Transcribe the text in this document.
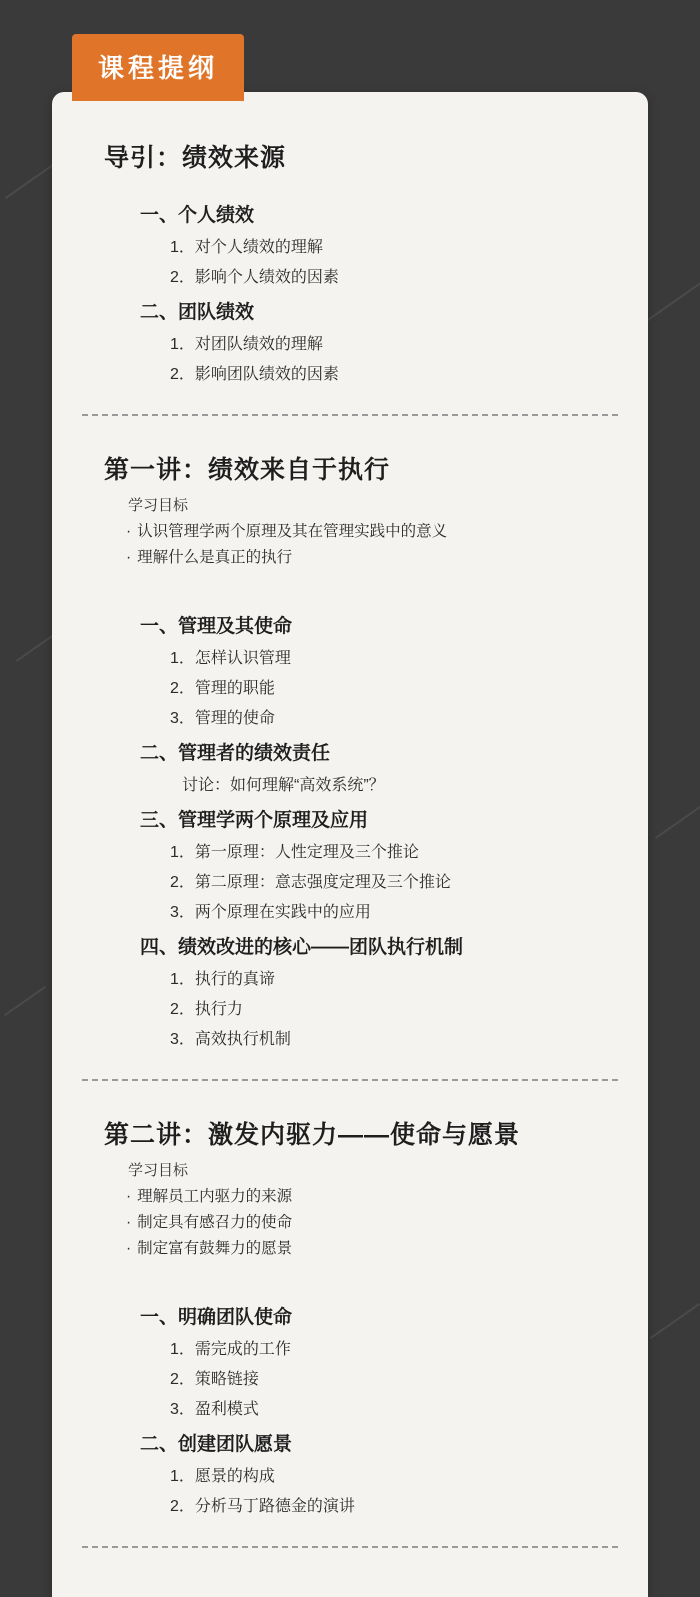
课程提纲
导引：绩效来源
一、个人绩效
1．对个人绩效的理解
2．影响个人绩效的因素
二、团队绩效
1．对团队绩效的理解
2．影响团队绩效的因素
第一讲：绩效来自于执行
学习目标
· 认识管理学两个原理及其在管理实践中的意义
· 理解什么是真正的执行
一、管理及其使命
1．怎样认识管理
2．管理的职能
3．管理的使命
二、管理者的绩效责任
讨论：如何理解“高效系统”？
三、管理学两个原理及应用
1．第一原理：人性定理及三个推论
2．第二原理：意志强度定理及三个推论
3．两个原理在实践中的应用
四、绩效改进的核心——团队执行机制
1．执行的真谛
2．执行力
3．高效执行机制
第二讲：激发内驱力——使命与愿景
学习目标
· 理解员工内驱力的来源
· 制定具有感召力的使命
· 制定富有鼓舞力的愿景
一、明确团队使命
1．需完成的工作
2．策略链接
3．盈利模式
二、创建团队愿景
1．愿景的构成
2．分析马丁路德金的演讲
